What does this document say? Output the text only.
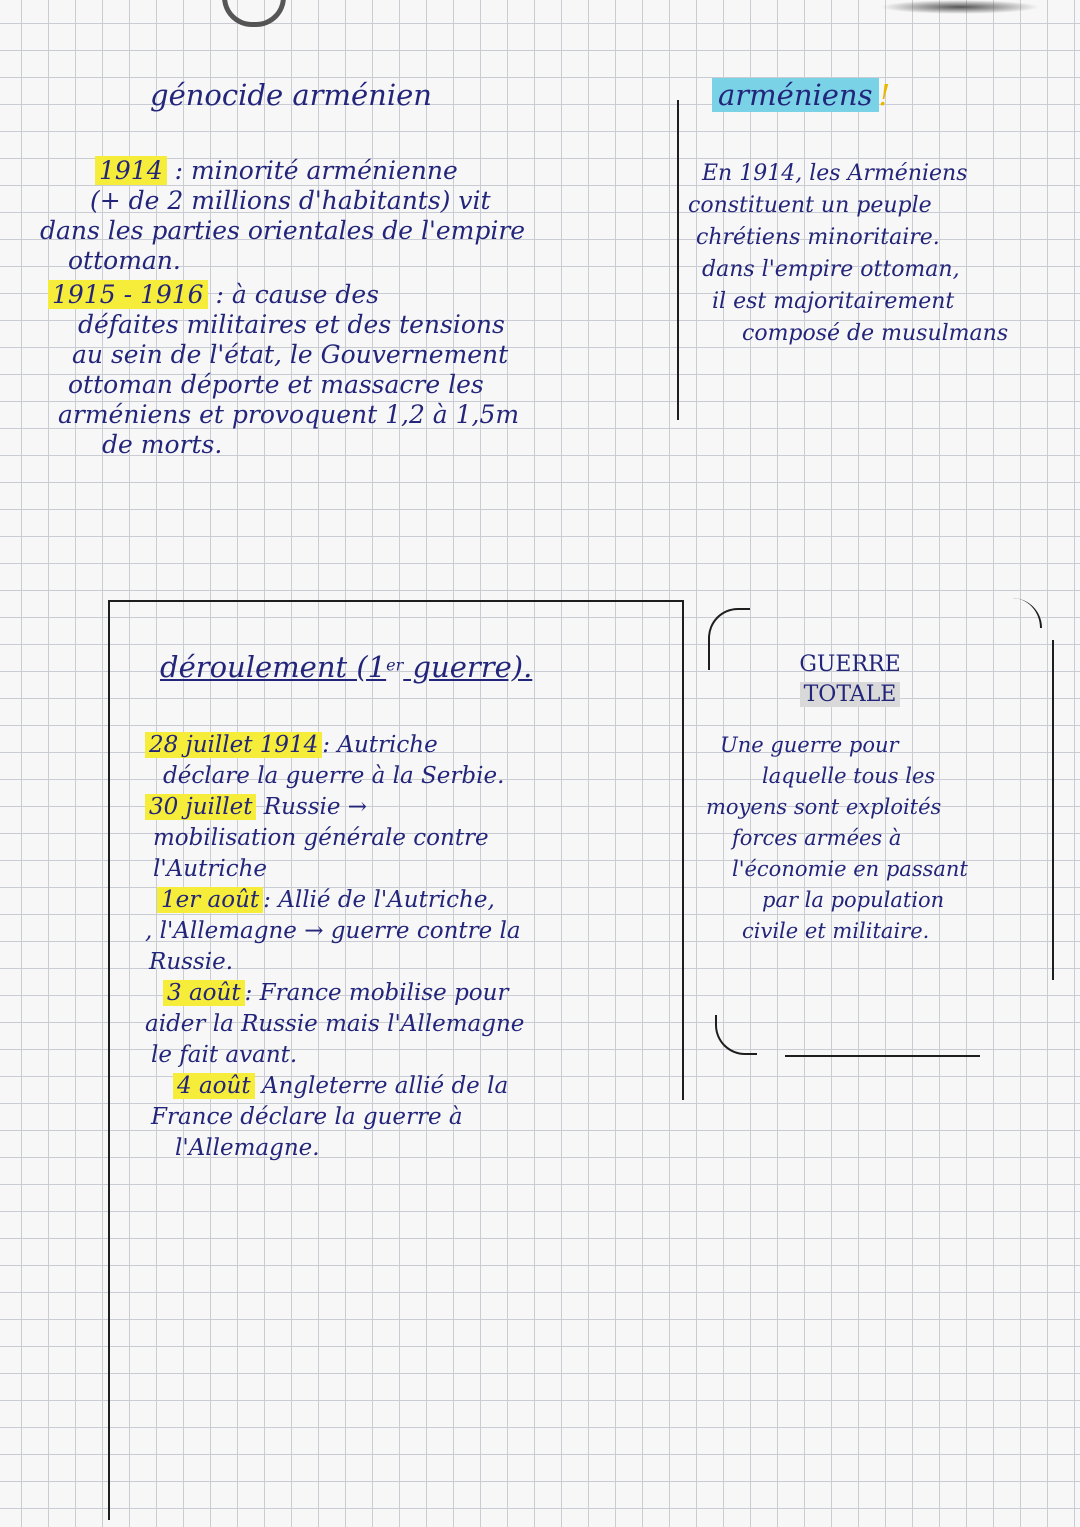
génocide arménien
1914 : minorité arménienne
(+ de 2 millions d'habitants) vit
dans les parties orientales de l'empire
ottoman.
1915 - 1916 : à cause des
défaites militaires et des tensions
au sein de l'état, le Gouvernement
ottoman déporte et massacre les
arméniens et provoquent 1,2 à 1,5m
de morts.
arméniens !
En 1914, les Arméniens
constituent un peuple
chrétiens minoritaire.
dans l'empire ottoman,
il est majoritairement
composé de musulmans
déroulement (1er guerre).
28 juillet 1914 : Autriche
déclare la guerre à la Serbie.
30 juillet Russie →
mobilisation générale contre
l'Autriche
1er août : Allié de l'Autriche,
, l'Allemagne → guerre contre la
Russie.
3 août : France mobilise pour
aider la Russie mais l'Allemagne
le fait avant.
4 août Angleterre allié de la
France déclare la guerre à
l'Allemagne.
GUERRE
TOTALE
Une guerre pour
laquelle tous les
moyens sont exploités
forces armées à
l'économie en passant
par la population
civile et militaire.
